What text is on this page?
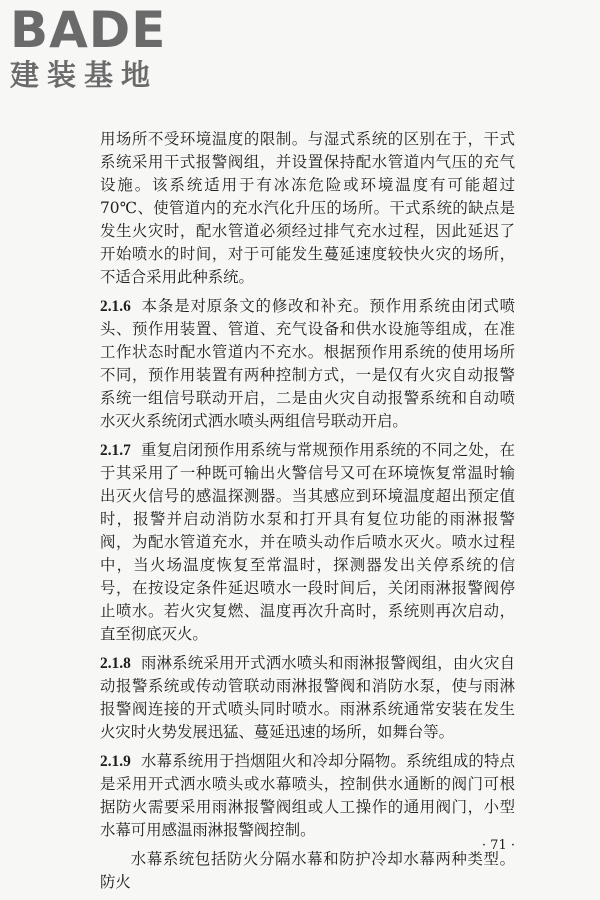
BADE
建装基地

用场所不受环境温度的限制。与湿式系统的区别在于，干式系统采用干式报警阀组，并设置保持配水管道内气压的充气设施。该系统适用于有冰冻危险或环境温度有可能超过70℃、使管道内的充水汽化升压的场所。干式系统的缺点是发生火灾时，配水管道必须经过排气充水过程，因此延迟了开始喷水的时间，对于可能发生蔓延速度较快火灾的场所，不适合采用此种系统。

2.1.6 本条是对原条文的修改和补充。预作用系统由闭式喷头、预作用装置、管道、充气设备和供水设施等组成，在准工作状态时配水管道内不充水。根据预作用系统的使用场所不同，预作用装置有两种控制方式，一是仅有火灾自动报警系统一组信号联动开启，二是由火灾自动报警系统和自动喷水灭火系统闭式洒水喷头两组信号联动开启。

2.1.7 重复启闭预作用系统与常规预作用系统的不同之处，在于其采用了一种既可输出火警信号又可在环境恢复常温时输出灭火信号的感温探测器。当其感应到环境温度超出预定值时，报警并启动消防水泵和打开具有复位功能的雨淋报警阀，为配水管道充水，并在喷头动作后喷水灭火。喷水过程中，当火场温度恢复至常温时，探测器发出关停系统的信号，在按设定条件延迟喷水一段时间后，关闭雨淋报警阀停止喷水。若火灾复燃、温度再次升高时，系统则再次启动，直至彻底灭火。

2.1.8 雨淋系统采用开式洒水喷头和雨淋报警阀组，由火灾自动报警系统或传动管联动雨淋报警阀和消防水泵，使与雨淋报警阀连接的开式喷头同时喷水。雨淋系统通常安装在发生火灾时火势发展迅猛、蔓延迅速的场所，如舞台等。

2.1.9 水幕系统用于挡烟阻火和冷却分隔物。系统组成的特点是采用开式洒水喷头或水幕喷头，控制供水通断的阀门可根据防火需要采用雨淋报警阀组或人工操作的通用阀门，小型水幕可用感温雨淋报警阀控制。

水幕系统包括防火分隔水幕和防护冷却水幕两种类型。防火

· 71 ·
